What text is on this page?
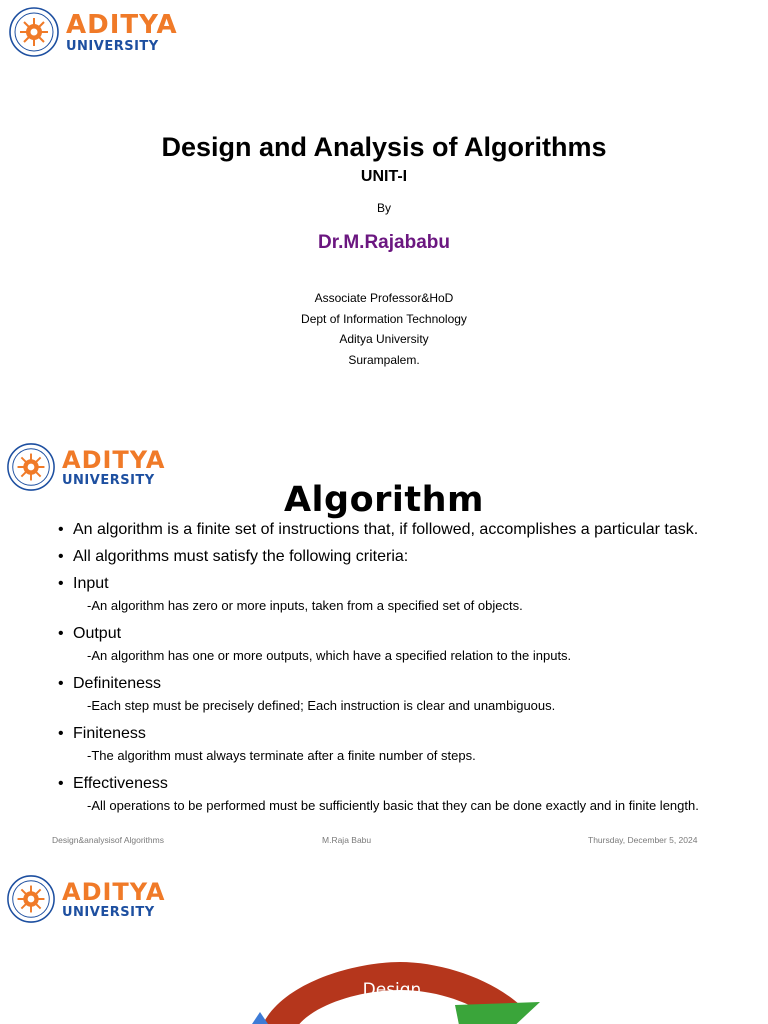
ADITYA
UNIVERSITY
Design and Analysis of Algorithms
UNIT-I
By
Dr.M.Rajababu
Associate Professor&HoD
Dept of Information Technology
Aditya University
Surampalem.
ADITYA
UNIVERSITY	Algorithm
• An algorithm is a finite set of instructions that, if followed, accomplishes a particular task.
• All algorithms must satisfy the following criteria:
• Input
-An algorithm has zero or more inputs, taken from a specified set of objects.
• Output
-An algorithm has one or more outputs, which have a specified relation to the inputs.
• Definiteness
-Each step must be precisely defined; Each instruction is clear and unambiguous.
• Finiteness
-The algorithm must always terminate after a finite number of steps.
• Effectiveness
-All operations to be performed must be sufficiently basic that they can be done exactly and in finite length.
Design&analysisof Algorithms	M.Raja Babu	Thursday, December 5, 2024
ADITYA
UNIVERSITY
Design
